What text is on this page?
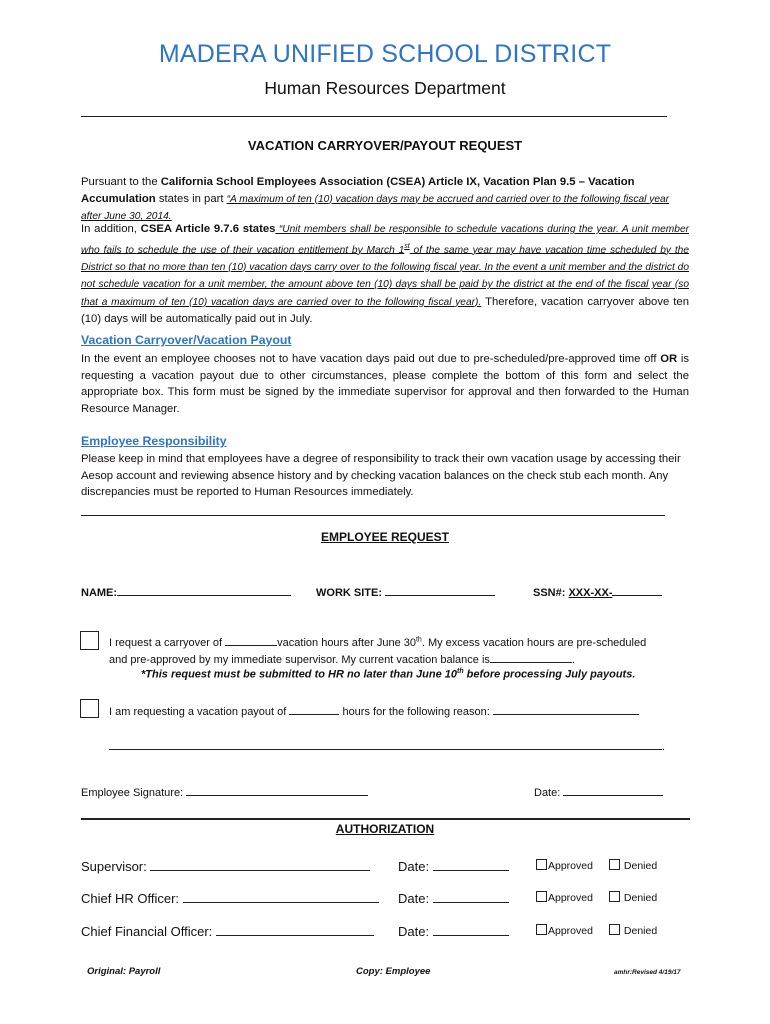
MADERA UNIFIED SCHOOL DISTRICT
Human Resources Department
VACATION CARRYOVER/PAYOUT REQUEST
Pursuant to the California School Employees Association (CSEA) Article IX, Vacation Plan 9.5 – Vacation Accumulation states in part “A maximum of ten (10) vacation days may be accrued and carried over to the following fiscal year after June 30, 2014.
In addition, CSEA Article 9.7.6 states “Unit members shall be responsible to schedule vacations during the year. A unit member who fails to schedule the use of their vacation entitlement by March 1st of the same year may have vacation time scheduled by the District so that no more than ten (10) vacation days carry over to the following fiscal year. In the event a unit member and the district do not schedule vacation for a unit member, the amount above ten (10) days shall be paid by the district at the end of the fiscal year (so that a maximum of ten (10) vacation days are carried over to the following fiscal year). Therefore, vacation carryover above ten (10) days will be automatically paid out in July.
Vacation Carryover/Vacation Payout
In the event an employee chooses not to have vacation days paid out due to pre-scheduled/pre-approved time off OR is requesting a vacation payout due to other circumstances, please complete the bottom of this form and select the appropriate box. This form must be signed by the immediate supervisor for approval and then forwarded to the Human Resource Manager.
Employee Responsibility
Please keep in mind that employees have a degree of responsibility to track their own vacation usage by accessing their Aesop account and reviewing absence history and by checking vacation balances on the check stub each month. Any discrepancies must be reported to Human Resources immediately.
EMPLOYEE REQUEST
NAME:	WORK SITE:	SSN#: XXX-XX-
I request a carryover of	vacation hours after June 30th. My excess vacation hours are pre-scheduled
and pre-approved by my immediate supervisor. My current vacation balance is	.
*This request must be submitted to HR no later than June 10th before processing July payouts.
I am requesting a vacation payout of	hours for the following reason:
.
Employee Signature:	Date:
AUTHORIZATION
Supervisor:	Date:	Approved	Denied
Chief HR Officer:	Date:	Approved	Denied
Chief Financial Officer:	Date:	Approved	Denied
Original: Payroll	Copy: Employee	amhr:Revised 4/19/17
